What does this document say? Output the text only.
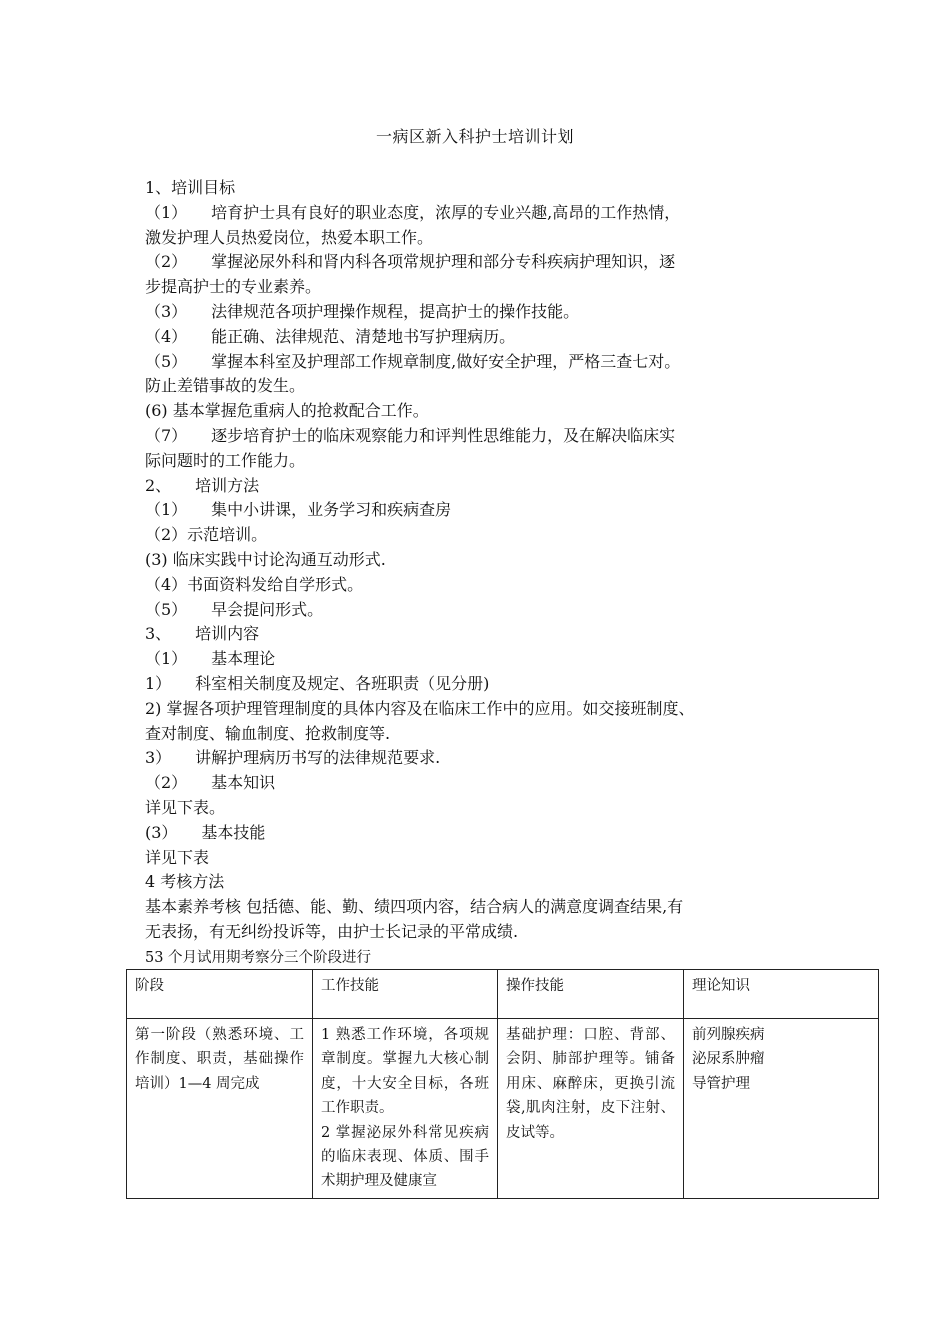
一病区新入科护士培训计划

1、培训目标

（1）　　培育护士具有良好的职业态度，浓厚的专业兴趣,高昂的工作热情，

激发护理人员热爱岗位，热爱本职工作。

（2）　　掌握泌尿外科和肾内科各项常规护理和部分专科疾病护理知识，逐

步提高护士的专业素养。

（3）　　法律规范各项护理操作规程，提高护士的操作技能。

（4）　　能正确、法律规范、清楚地书写护理病历。

（5）　　掌握本科室及护理部工作规章制度,做好安全护理，严格三查七对。

防止差错事故的发生。

(6) 基本掌握危重病人的抢救配合工作。

（7）　　逐步培育护士的临床观察能力和评判性思维能力，及在解决临床实

际问题时的工作能力。

2、　　培训方法

（1）　　集中小讲课，业务学习和疾病查房

（2）示范培训。

(3) 临床实践中讨论沟通互动形式.

（4）书面资料发给自学形式。

（5）　　早会提问形式。

3、　　培训内容

（1）　　基本理论

1）　　科室相关制度及规定、各班职责（见分册)

2) 掌握各项护理管理制度的具体内容及在临床工作中的应用。如交接班制度、

查对制度、输血制度、抢救制度等.

3）　　讲解护理病历书写的法律规范要求.

（2）　　基本知识

详见下表。

(3）　　基本技能

详见下表

4 考核方法

基本素养考核 包括德、能、勤、绩四项内容，结合病人的满意度调查结果,有

无表扬，有无纠纷投诉等，由护士长记录的平常成绩.

53 个月试用期考察分三个阶段进行
阶段	工作技能	操作技能	理论知识
第一阶段（熟悉环境、工作制度、职责，基础操作培训）1—4 周完成	1 熟悉工作环境，各项规章制度。掌握九大核心制度，十大安全目标，各班工作职责。
2 掌握泌尿外科常见疾病的临床表现、体质、围手术期护理及健康宣	基础护理：口腔、背部、会阴、肺部护理等。铺备用床、麻醉床，更换引流袋,肌肉注射，皮下注射、皮试等。	前列腺疾病
泌尿系肿瘤
导管护理
